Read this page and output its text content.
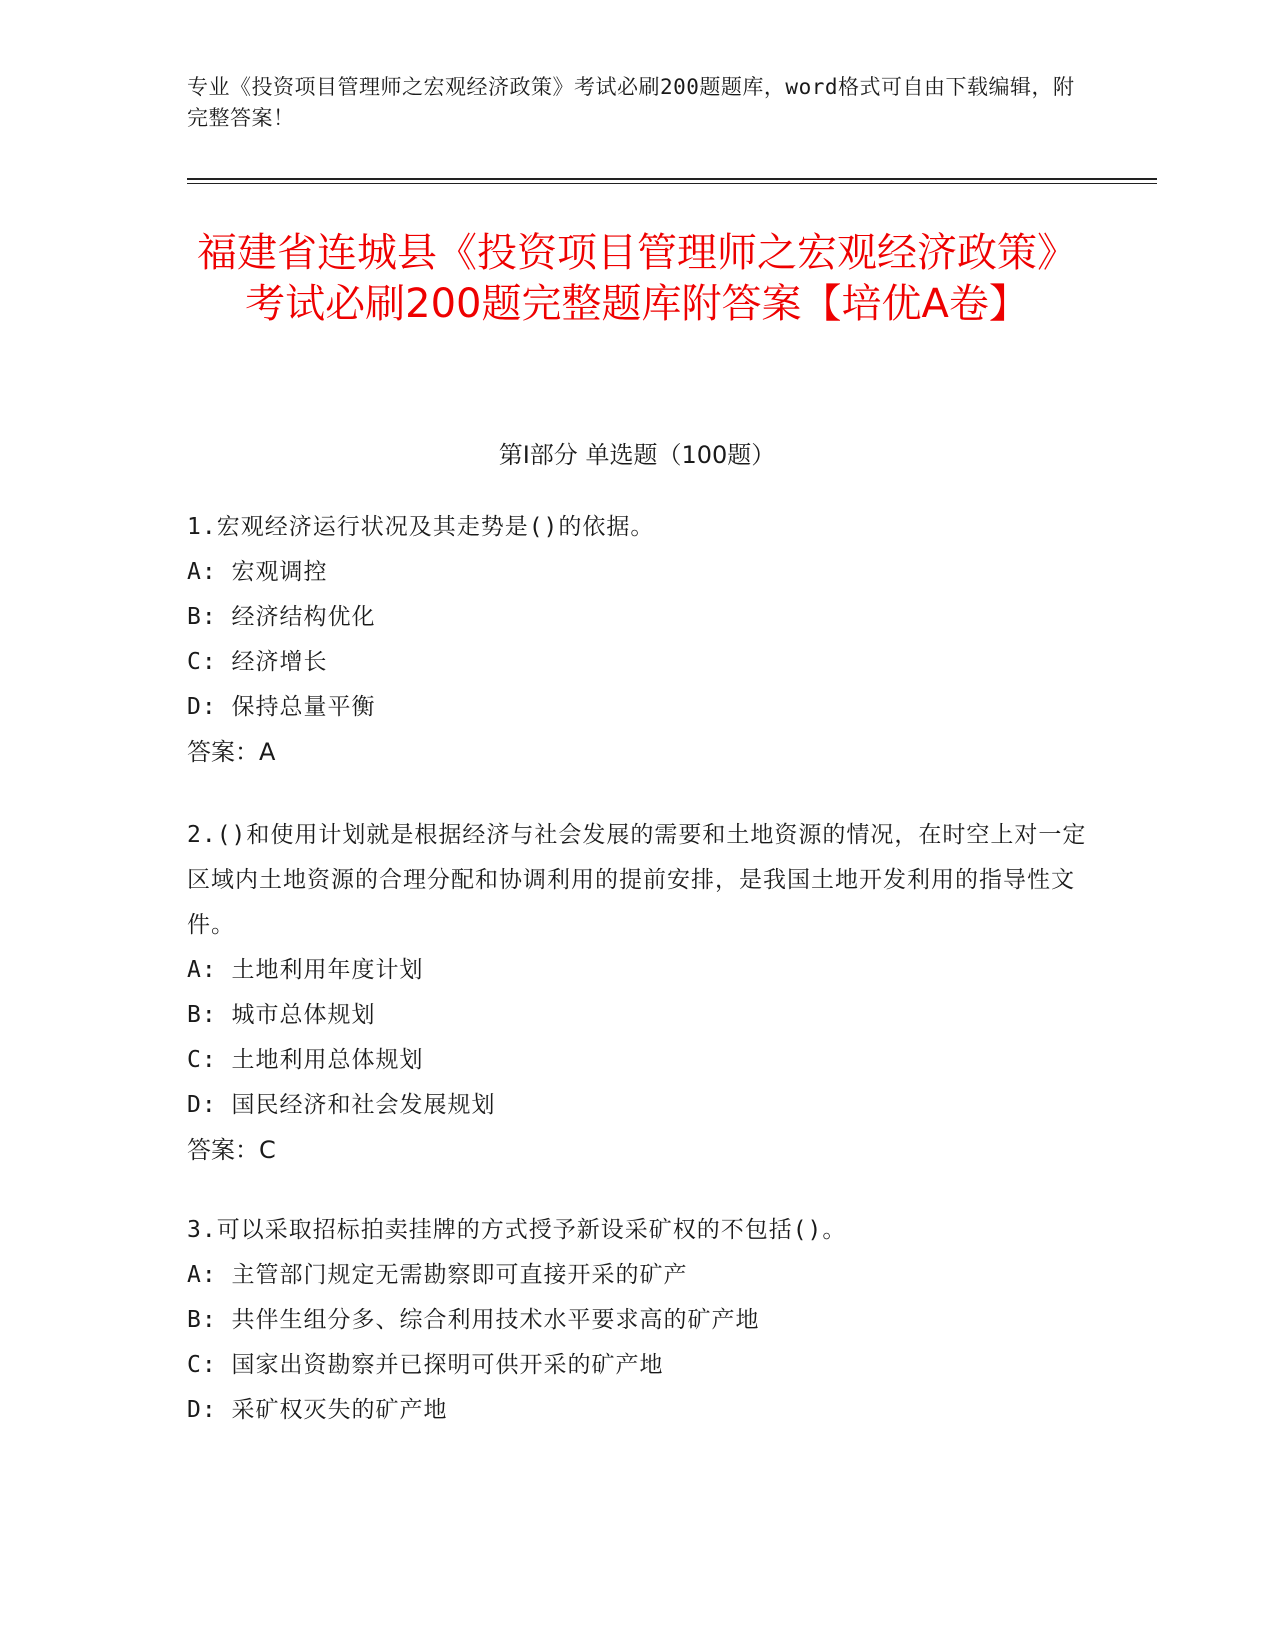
专业《投资项目管理师之宏观经济政策》考试必刷200题题库，word格式可自由下载编辑，附完整答案！
福建省连城县《投资项目管理师之宏观经济政策》考试必刷200题完整题库附答案【培优A卷】
第I部分 单选题（100题）
1.宏观经济运行状况及其走势是()的依据。
A: 宏观调控
B: 经济结构优化
C: 经济增长
D: 保持总量平衡
答案：A
2.()和使用计划就是根据经济与社会发展的需要和土地资源的情况，在时空上对一定区域内土地资源的合理分配和协调利用的提前安排，是我国土地开发利用的指导性文件。
A: 土地利用年度计划
B: 城市总体规划
C: 土地利用总体规划
D: 国民经济和社会发展规划
答案：C
3.可以采取招标拍卖挂牌的方式授予新设采矿权的不包括()。
A: 主管部门规定无需勘察即可直接开采的矿产
B: 共伴生组分多、综合利用技术水平要求高的矿产地
C: 国家出资勘察并已探明可供开采的矿产地
D: 采矿权灭失的矿产地
